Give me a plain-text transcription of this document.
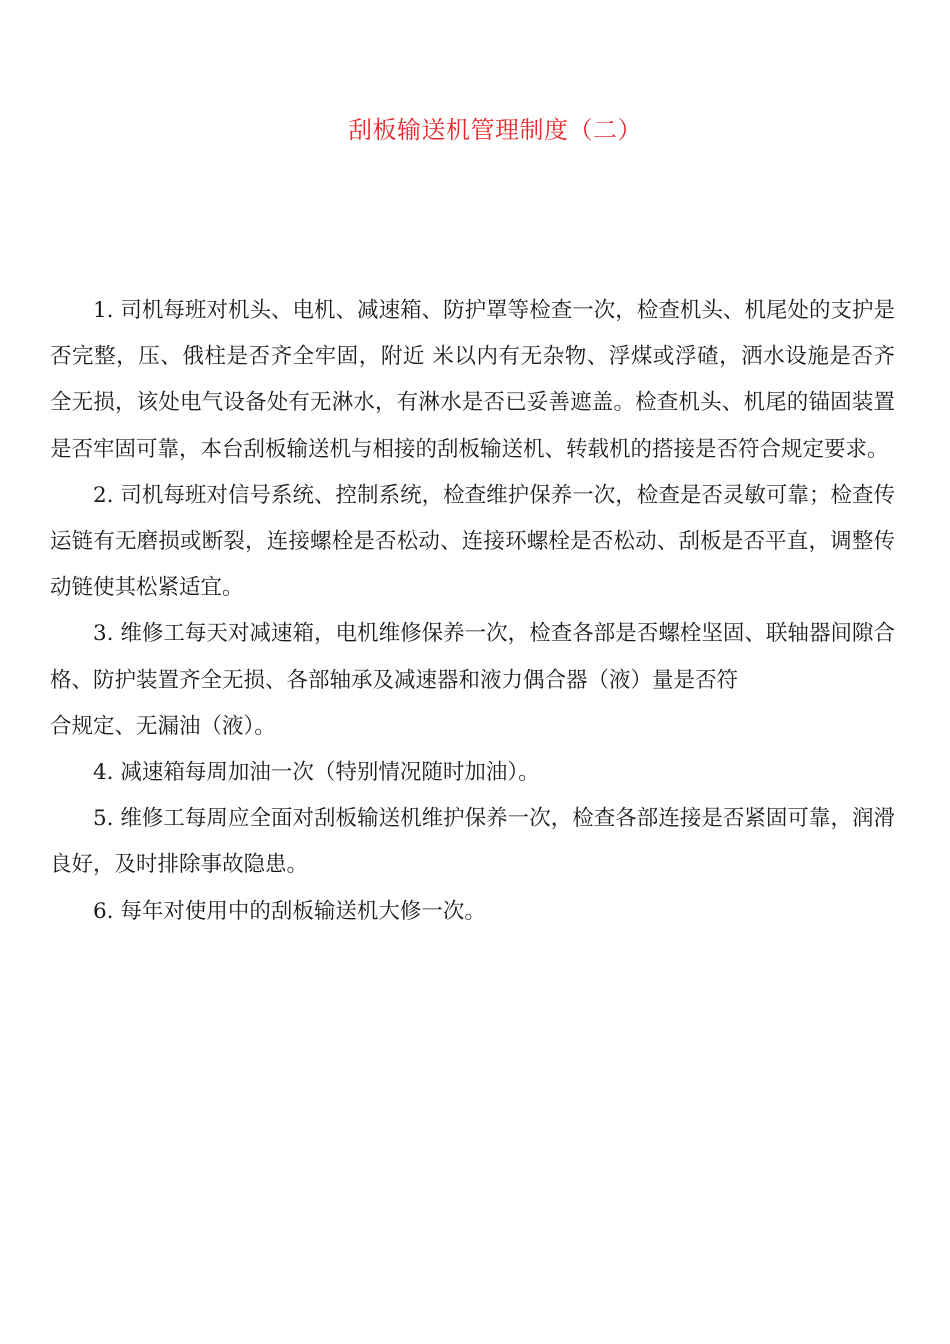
刮板输送机管理制度（二）

1. 司机每班对机头、电机、减速箱、防护罩等检查一次，检查机头、机尾处的支护是否完整，压、俄柱是否齐全牢固，附近 米以内有无杂物、浮煤或浮碴，洒水设施是否齐全无损，该处电气设备处有无淋水，有淋水是否已妥善遮盖。检查机头、机尾的锚固装置是否牢固可靠，本台刮板输送机与相接的刮板输送机、转载机的搭接是否符合规定要求。

2. 司机每班对信号系统、控制系统，检查维护保养一次，检查是否灵敏可靠；检查传运链有无磨损或断裂，连接螺栓是否松动、连接环螺栓是否松动、刮板是否平直，调整传动链使其松紧适宜。

3. 维修工每天对减速箱，电机维修保养一次，检查各部是否螺栓坚固、联轴器间隙合格、防护装置齐全无损、各部轴承及减速器和液力偶合器（液）量是否符

合规定、无漏油（液）。

4. 减速箱每周加油一次（特别情况随时加油）。

5. 维修工每周应全面对刮板输送机维护保养一次，检查各部连接是否紧固可靠，润滑良好，及时排除事故隐患。

6. 每年对使用中的刮板输送机大修一次。
